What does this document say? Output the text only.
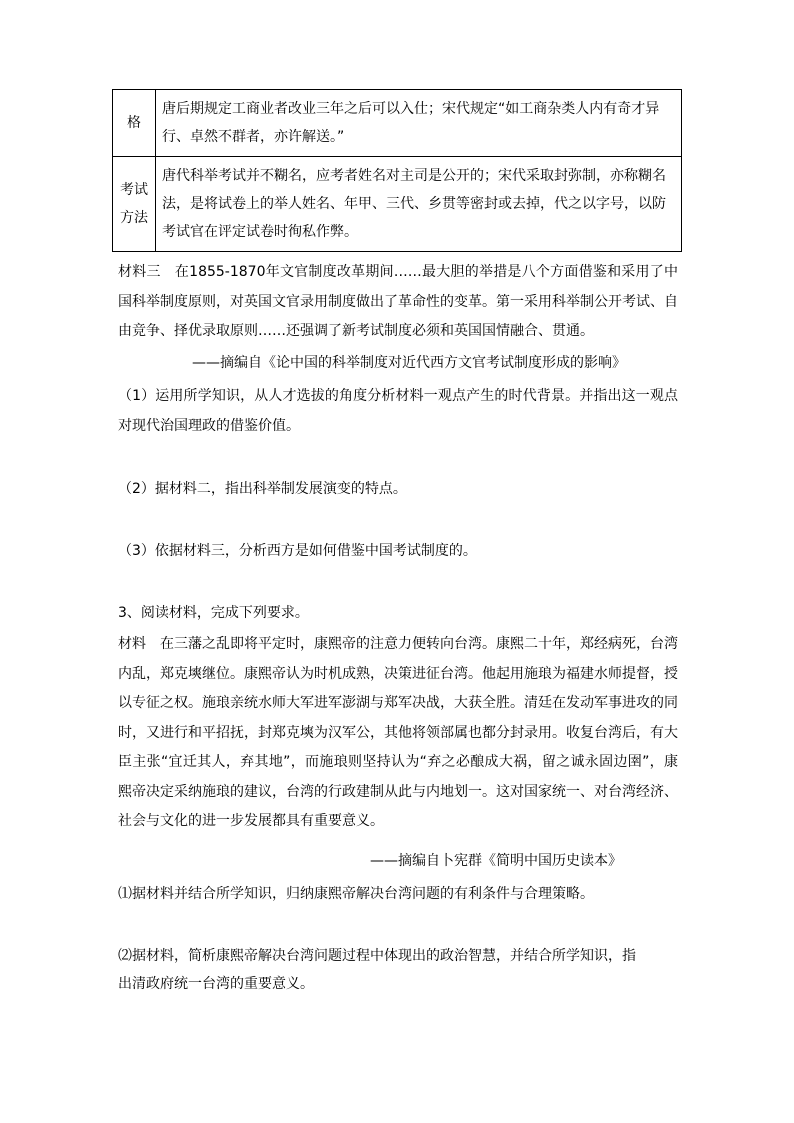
格	唐后期规定工商业者改业三年之后可以入仕；宋代规定“如工商杂类人内有奇才异行、卓然不群者，亦许解送。”
考试方法	唐代科举考试并不糊名，应考者姓名对主司是公开的；宋代采取封弥制，亦称糊名法，是将试卷上的举人姓名、年甲、三代、乡贯等密封或去掉，代之以字号，以防考试官在评定试卷时徇私作弊。
材料三　在1855-1870年文官制度改革期间……最大胆的举措是八个方面借鉴和采用了中国科举制度原则，对英国文官录用制度做出了革命性的变革。第一采用科举制公开考试、自由竞争、择优录取原则……还强调了新考试制度必须和英国国情融合、贯通。
——摘编自《论中国的科举制度对近代西方文官考试制度形成的影响》
（1）运用所学知识，从人才选拔的角度分析材料一观点产生的时代背景。并指出这一观点对现代治国理政的借鉴价值。
（2）据材料二，指出科举制发展演变的特点。
（3）依据材料三，分析西方是如何借鉴中国考试制度的。
3、阅读材料，完成下列要求。
材料　在三藩之乱即将平定时，康熙帝的注意力便转向台湾。康熙二十年，郑经病死，台湾内乱，郑克塽继位。康熙帝认为时机成熟，决策进征台湾。他起用施琅为福建水师提督，授以专征之权。施琅亲统水师大军进军澎湖与郑军决战，大获全胜。清廷在发动军事进攻的同时，又进行和平招抚，封郑克塽为汉军公，其他将领部属也都分封录用。收复台湾后，有大臣主张“宜迁其人，弃其地”，而施琅则坚持认为“弃之必酿成大祸，留之诚永固边圉”，康熙帝决定采纳施琅的建议，台湾的行政建制从此与内地划一。这对国家统一、对台湾经济、社会与文化的进一步发展都具有重要意义。
——摘编自卜宪群《简明中国历史读本》
⑴据材料并结合所学知识，归纳康熙帝解决台湾问题的有利条件与合理策略。
⑵据材料，简析康熙帝解决台湾问题过程中体现出的政治智慧，并结合所学知识，指
出清政府统一台湾的重要意义。
